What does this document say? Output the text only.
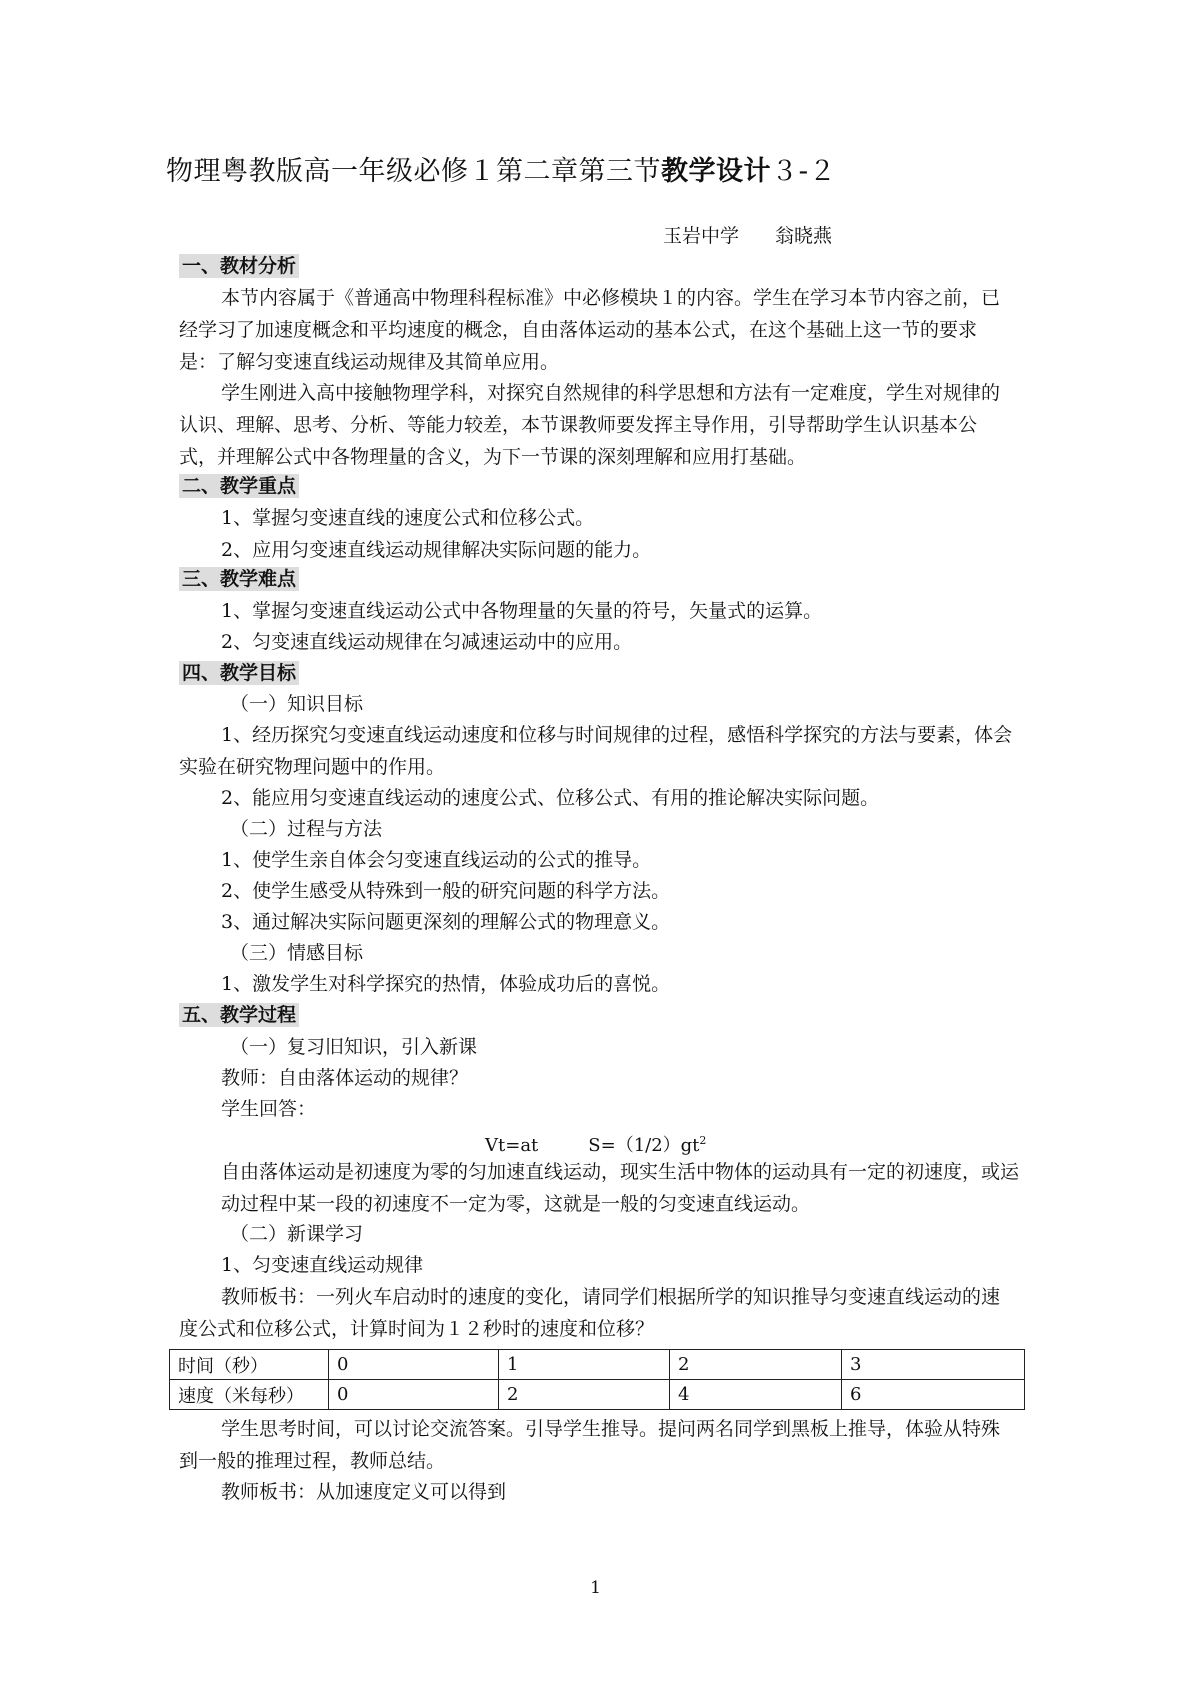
物理粤教版高一年级必修１第二章第三节教学设计３-２
玉岩中学 翁晓燕
一、教材分析
本节内容属于《普通高中物理科程标准》中必修模块１的内容。学生在学习本节内容之前，已经学习了加速度概念和平均速度的概念，自由落体运动的基本公式，在这个基础上这一节的要求是：了解匀变速直线运动规律及其简单应用。
学生刚进入高中接触物理学科，对探究自然规律的科学思想和方法有一定难度，学生对规律的认识、理解、思考、分析、等能力较差，本节课教师要发挥主导作用，引导帮助学生认识基本公式，并理解公式中各物理量的含义，为下一节课的深刻理解和应用打基础。
二、教学重点
1、掌握匀变速直线的速度公式和位移公式。
2、应用匀变速直线运动规律解决实际问题的能力。
三、教学难点
1、掌握匀变速直线运动公式中各物理量的矢量的符号，矢量式的运算。
2、匀变速直线运动规律在匀减速运动中的应用。
四、教学目标
（一）知识目标
1、经历探究匀变速直线运动速度和位移与时间规律的过程，感悟科学探究的方法与要素，体会实验在研究物理问题中的作用。
2、能应用匀变速直线运动的速度公式、位移公式、有用的推论解决实际问题。
（二）过程与方法
1、使学生亲自体会匀变速直线运动的公式的推导。
2、使学生感受从特殊到一般的研究问题的科学方法。
3、通过解决实际问题更深刻的理解公式的物理意义。
（三）情感目标
1、激发学生对科学探究的热情，体验成功后的喜悦。
五、教学过程
（一）复习旧知识，引入新课
教师：自由落体运动的规律？
学生回答：
Vt=at	$S=(1/2)gt^2$
自由落体运动是初速度为零的匀加速直线运动，现实生活中物体的运动具有一定的初速度，或运动过程中某一段的初速度不一定为零，这就是一般的匀变速直线运动。
（二）新课学习
1、匀变速直线运动规律
教师板书：一列火车启动时的速度的变化，请同学们根据所学的知识推导匀变速直线运动的速度公式和位移公式，计算时间为１２秒时的速度和位移？
时间（秒）	0	1	2	3
速度（米每秒）	0	2	4	6
学生思考时间，可以讨论交流答案。引导学生推导。提问两名同学到黑板上推导，体验从特殊到一般的推理过程，教师总结。
教师板书：从加速度定义可以得到
1
